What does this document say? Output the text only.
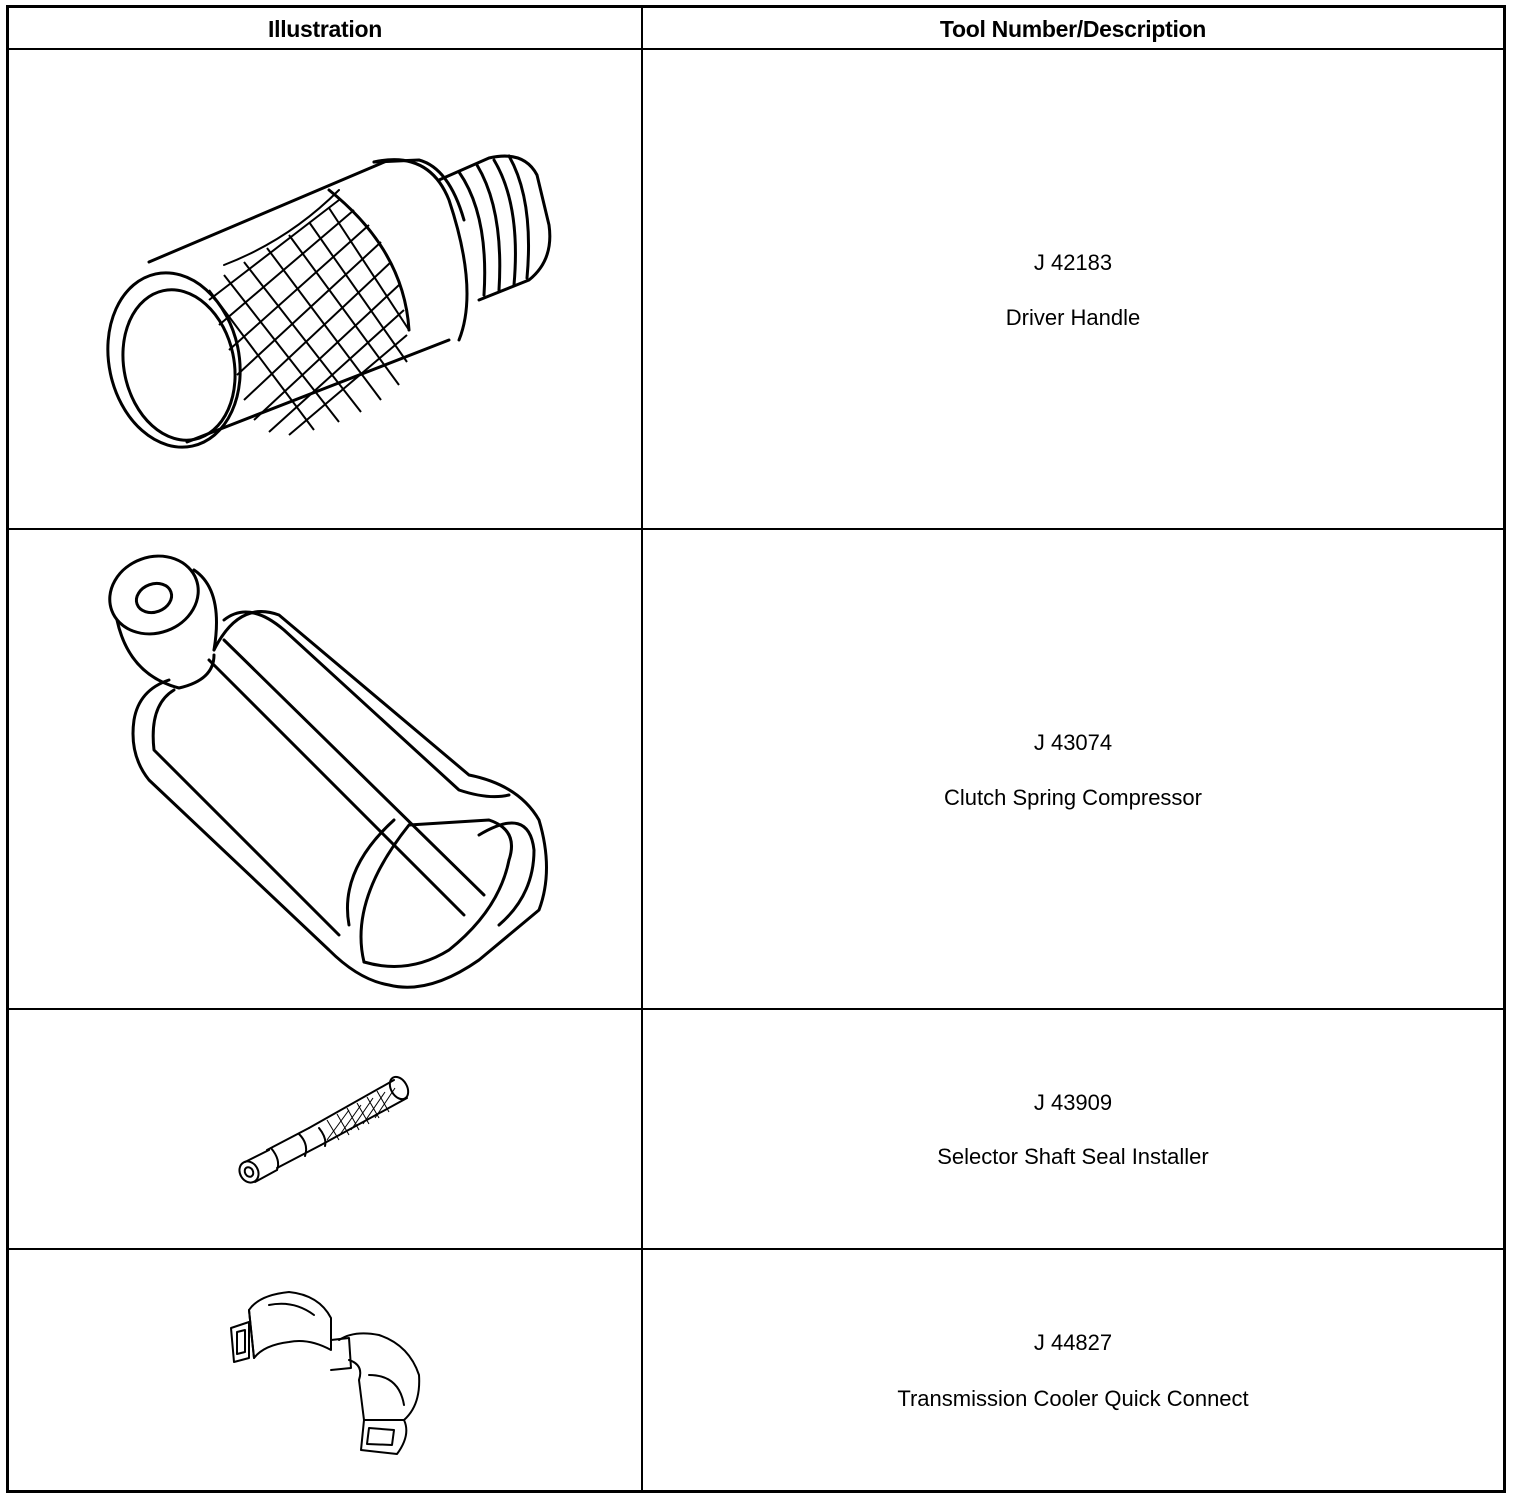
Illustration	Tool Number/Description
J 42183
Driver Handle
J 43074
Clutch Spring Compressor
J 43909
Selector Shaft Seal Installer
J 44827
Transmission Cooler Quick Connect
